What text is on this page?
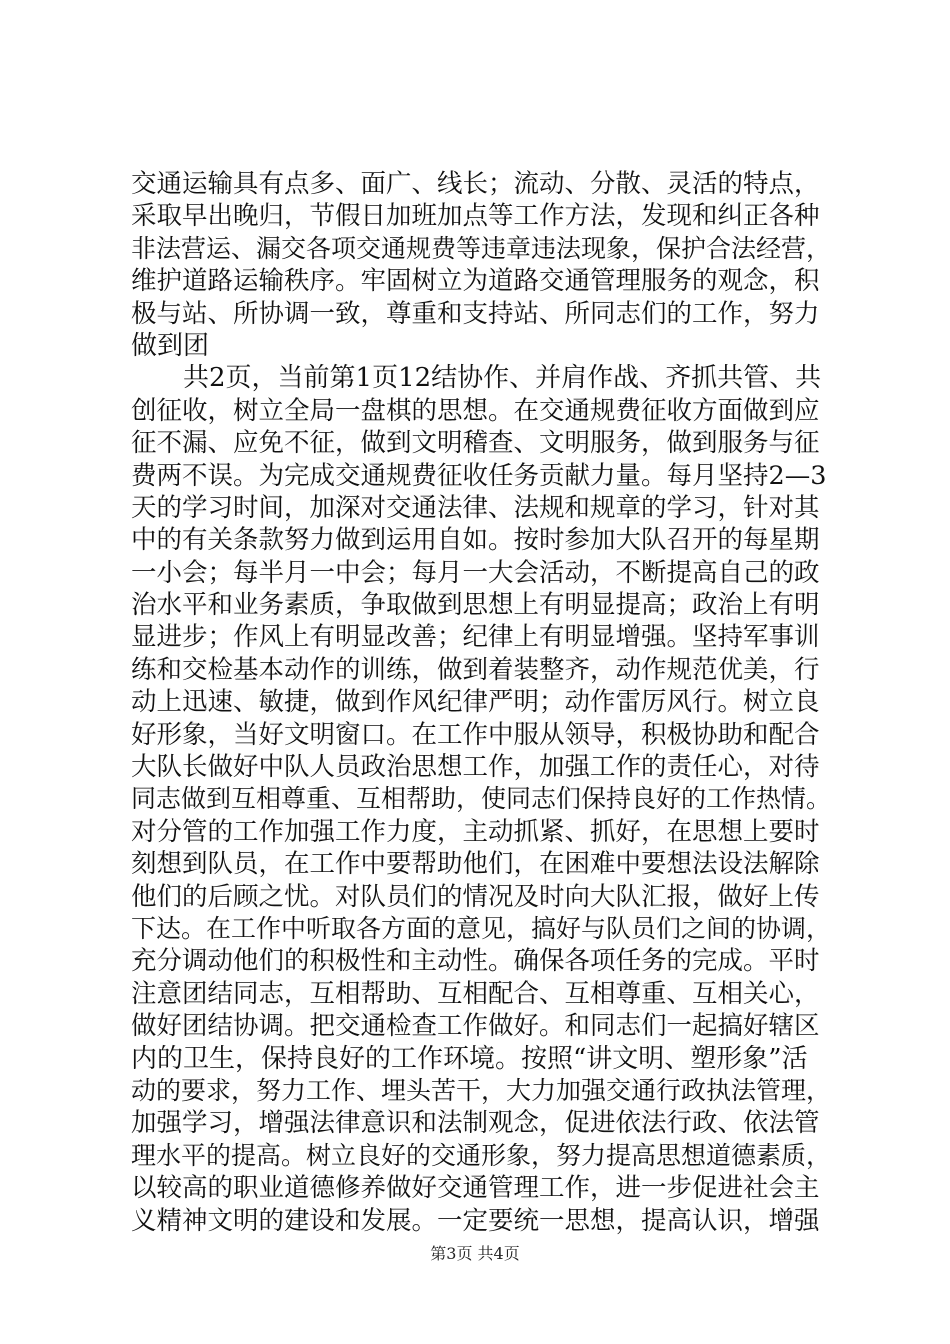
交通运输具有点多、面广、线长；流动、分散、灵活的特点，
采取早出晚归，节假日加班加点等工作方法，发现和纠正各种
非法营运、漏交各项交通规费等违章违法现象，保护合法经营，
维护道路运输秩序。牢固树立为道路交通管理服务的观念，积
极与站、所协调一致，尊重和支持站、所同志们的工作，努力
做到团
　　共2页，当前第1页12结协作、并肩作战、齐抓共管、共
创征收，树立全局一盘棋的思想。在交通规费征收方面做到应
征不漏、应免不征，做到文明稽查、文明服务，做到服务与征
费两不误。为完成交通规费征收任务贡献力量。每月坚持2—3
天的学习时间，加深对交通法律、法规和规章的学习，针对其
中的有关条款努力做到运用自如。按时参加大队召开的每星期
一小会；每半月一中会；每月一大会活动，不断提高自己的政
治水平和业务素质，争取做到思想上有明显提高；政治上有明
显进步；作风上有明显改善；纪律上有明显增强。坚持军事训
练和交检基本动作的训练，做到着装整齐，动作规范优美，行
动上迅速、敏捷，做到作风纪律严明；动作雷厉风行。树立良
好形象，当好文明窗口。在工作中服从领导，积极协助和配合
大队长做好中队人员政治思想工作，加强工作的责任心，对待
同志做到互相尊重、互相帮助，使同志们保持良好的工作热情。
对分管的工作加强工作力度，主动抓紧、抓好，在思想上要时
刻想到队员，在工作中要帮助他们，在困难中要想法设法解除
他们的后顾之忧。对队员们的情况及时向大队汇报，做好上传
下达。在工作中听取各方面的意见，搞好与队员们之间的协调，
充分调动他们的积极性和主动性。确保各项任务的完成。平时
注意团结同志，互相帮助、互相配合、互相尊重、互相关心，
做好团结协调。把交通检查工作做好。和同志们一起搞好辖区
内的卫生，保持良好的工作环境。按照“讲文明、塑形象”活
动的要求，努力工作、埋头苦干，大力加强交通行政执法管理，
加强学习，增强法律意识和法制观念，促进依法行政、依法管
理水平的提高。树立良好的交通形象，努力提高思想道德素质，
以较高的职业道德修养做好交通管理工作，进一步促进社会主
义精神文明的建设和发展。一定要统一思想，提高认识，增强
第3页 共4页
